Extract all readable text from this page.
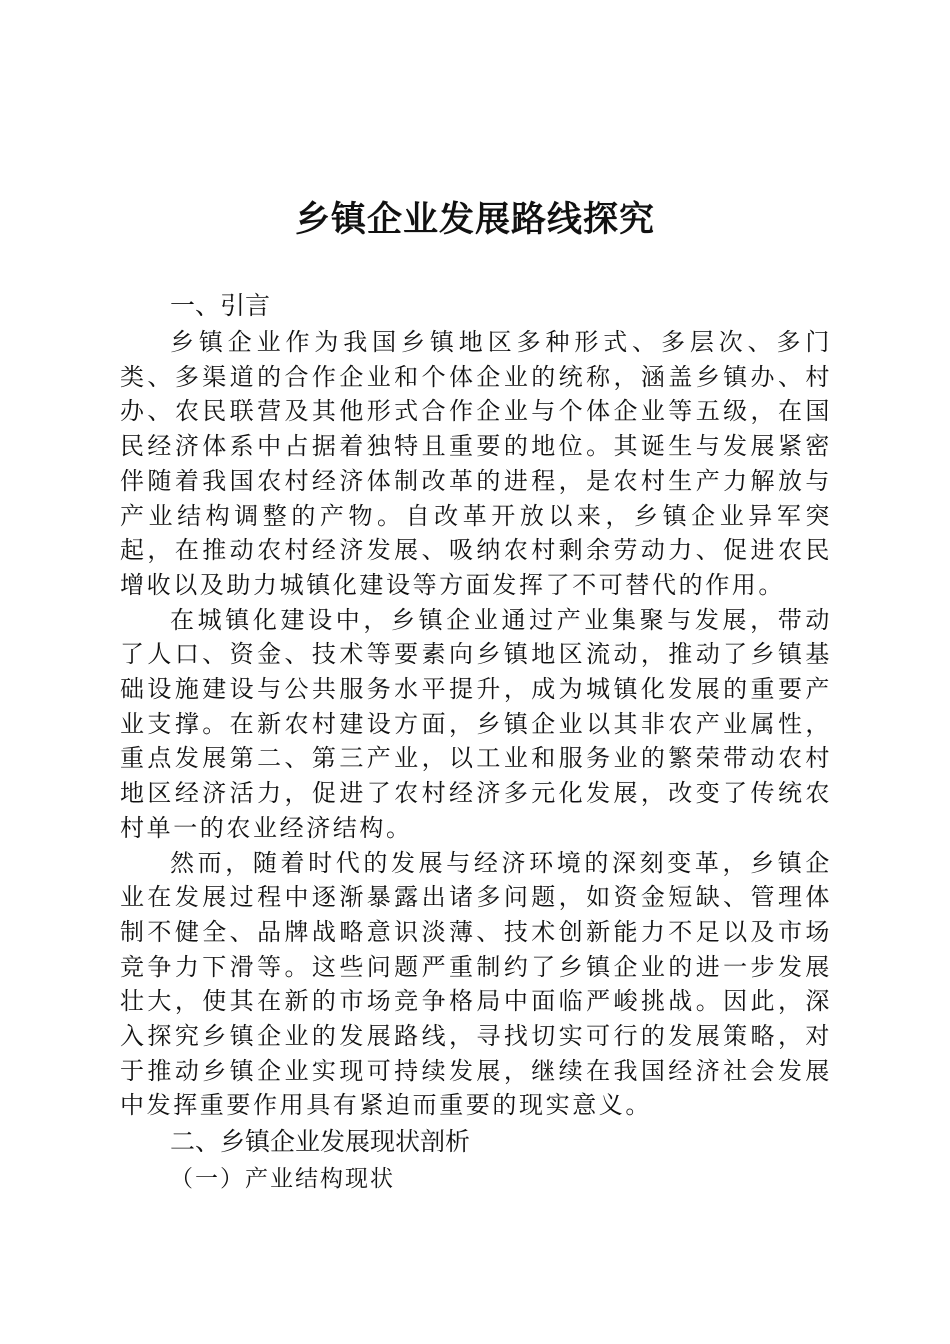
乡镇企业发展路线探究
一、引言

乡镇企业作为我国乡镇地区多种形式、多层次、多门类、多渠道的合作企业和个体企业的统称，涵盖乡镇办、村办、农民联营及其他形式合作企业与个体企业等五级，在国民经济体系中占据着独特且重要的地位。其诞生与发展紧密伴随着我国农村经济体制改革的进程，是农村生产力解放与产业结构调整的产物。自改革开放以来，乡镇企业异军突起，在推动农村经济发展、吸纳农村剩余劳动力、促进农民增收以及助力城镇化建设等方面发挥了不可替代的作用。

在城镇化建设中，乡镇企业通过产业集聚与发展，带动了人口、资金、技术等要素向乡镇地区流动，推动了乡镇基础设施建设与公共服务水平提升，成为城镇化发展的重要产业支撑。在新农村建设方面，乡镇企业以其非农产业属性，重点发展第二、第三产业，以工业和服务业的繁荣带动农村地区经济活力，促进了农村经济多元化发展，改变了传统农村单一的农业经济结构。

然而，随着时代的发展与经济环境的深刻变革，乡镇企业在发展过程中逐渐暴露出诸多问题，如资金短缺、管理体制不健全、品牌战略意识淡薄、技术创新能力不足以及市场竞争力下滑等。这些问题严重制约了乡镇企业的进一步发展壮大，使其在新的市场竞争格局中面临严峻挑战。因此，深入探究乡镇企业的发展路线，寻找切实可行的发展策略，对于推动乡镇企业实现可持续发展，继续在我国经济社会发展中发挥重要作用具有紧迫而重要的现实意义。

二、乡镇企业发展现状剖析
（一）产业结构现状
